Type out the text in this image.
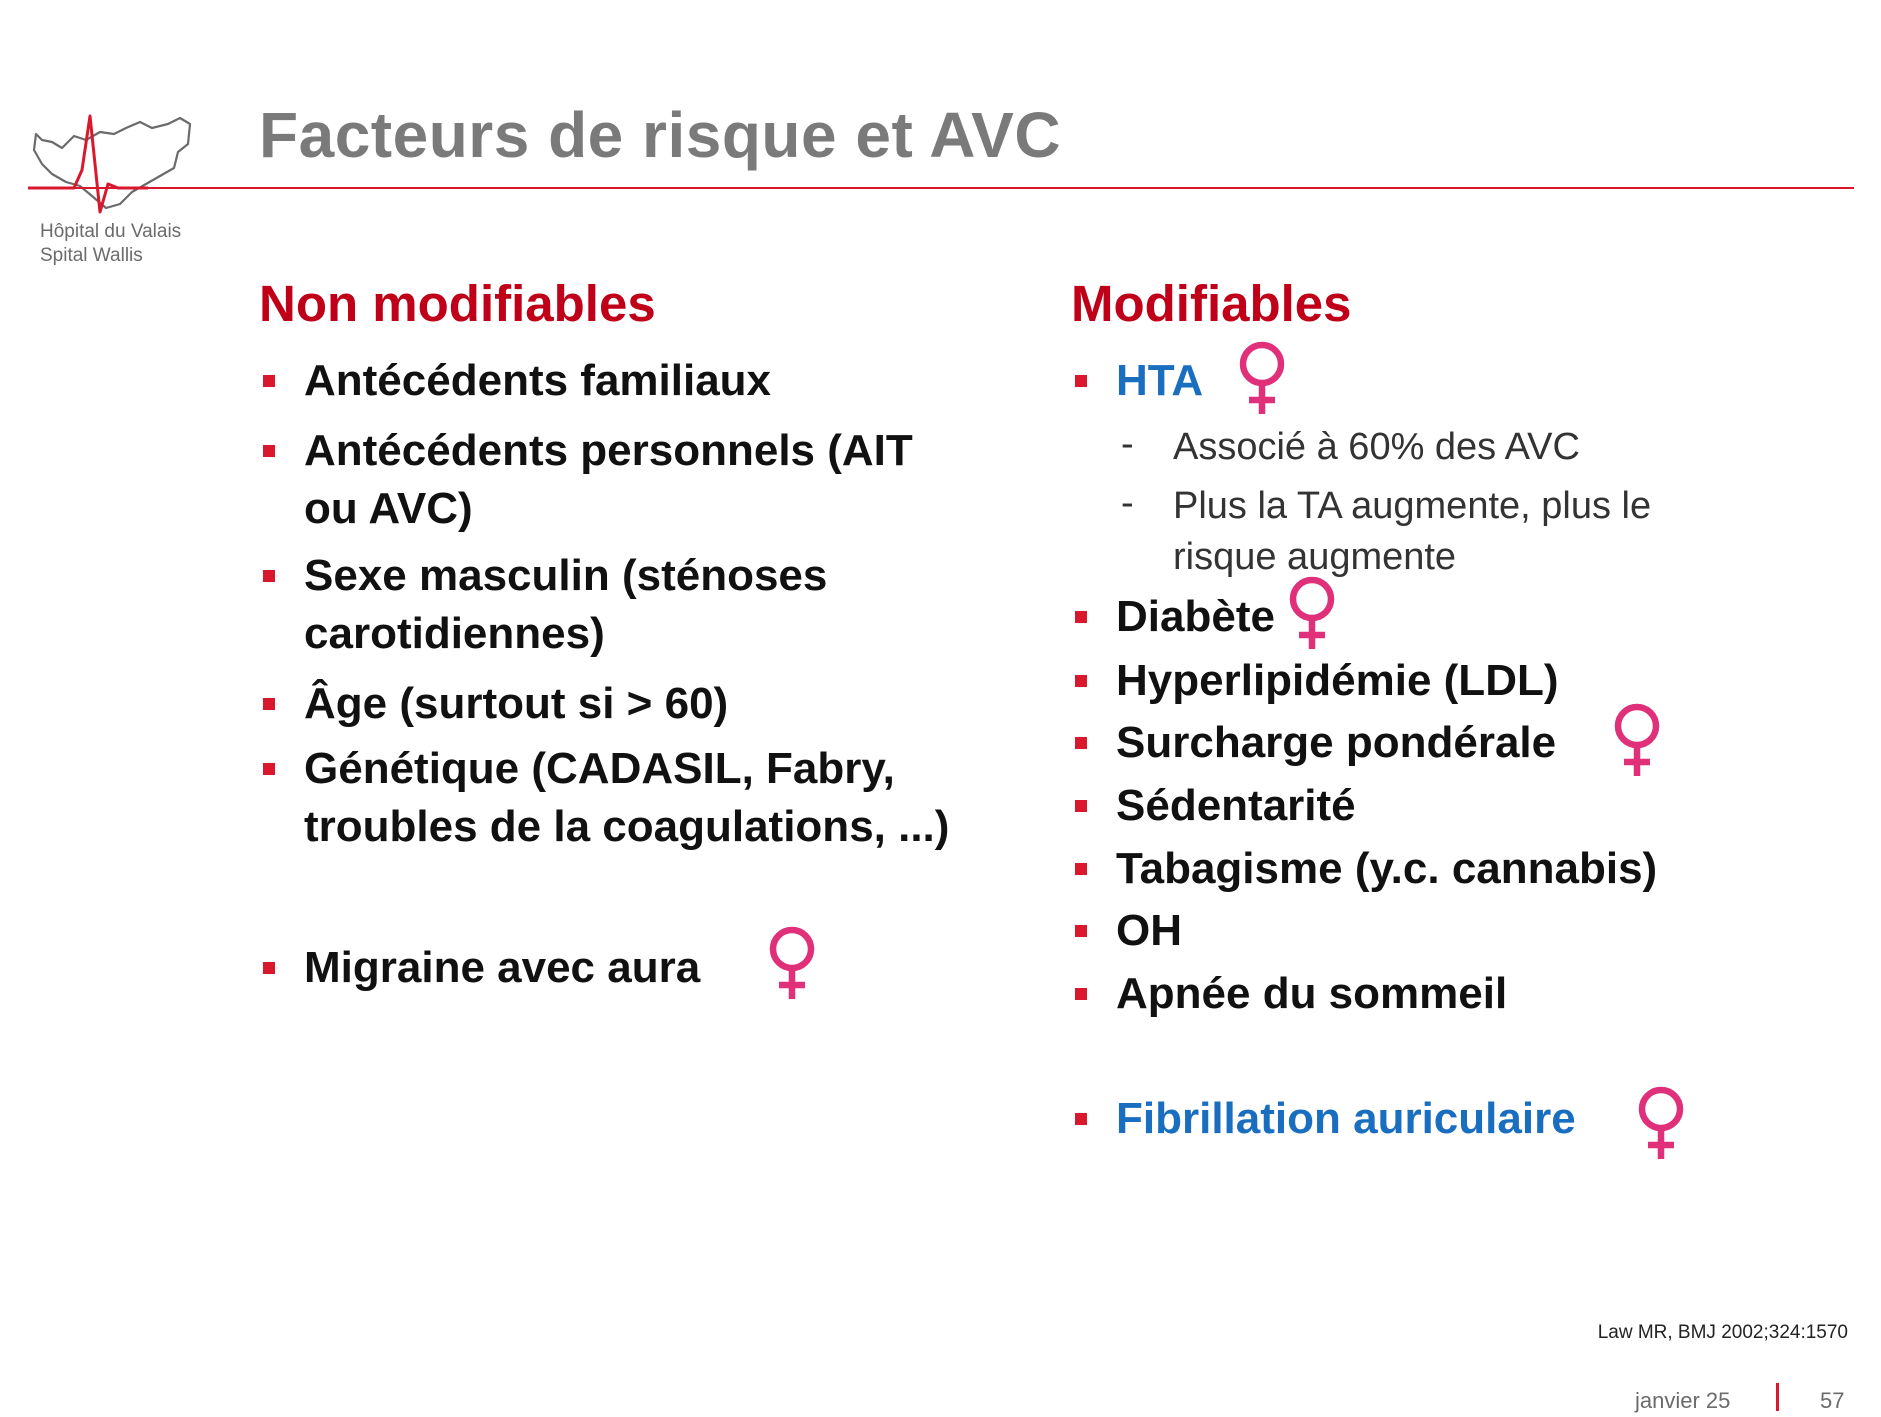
Hôpital du Valais
Spital Wallis
Facteurs de risque et AVC
Non modifiables
Antécédents familiaux
Antécédents personnels (AIT
ou AVC)
Sexe masculin (sténoses
carotidiennes)
Âge (surtout si > 60)
Génétique (CADASIL, Fabry,
troubles de la coagulations, ...)
Migraine avec aura
Modifiables
HTA
- Associé à 60% des AVC
- Plus la TA augmente, plus le
risque augmente
Diabète
Hyperlipidémie (LDL)
Surcharge pondérale
Sédentarité
Tabagisme (y.c. cannabis)
OH
Apnée du sommeil
Fibrillation auriculaire
Law MR, BMJ 2002;324:1570
janvier 25	57
